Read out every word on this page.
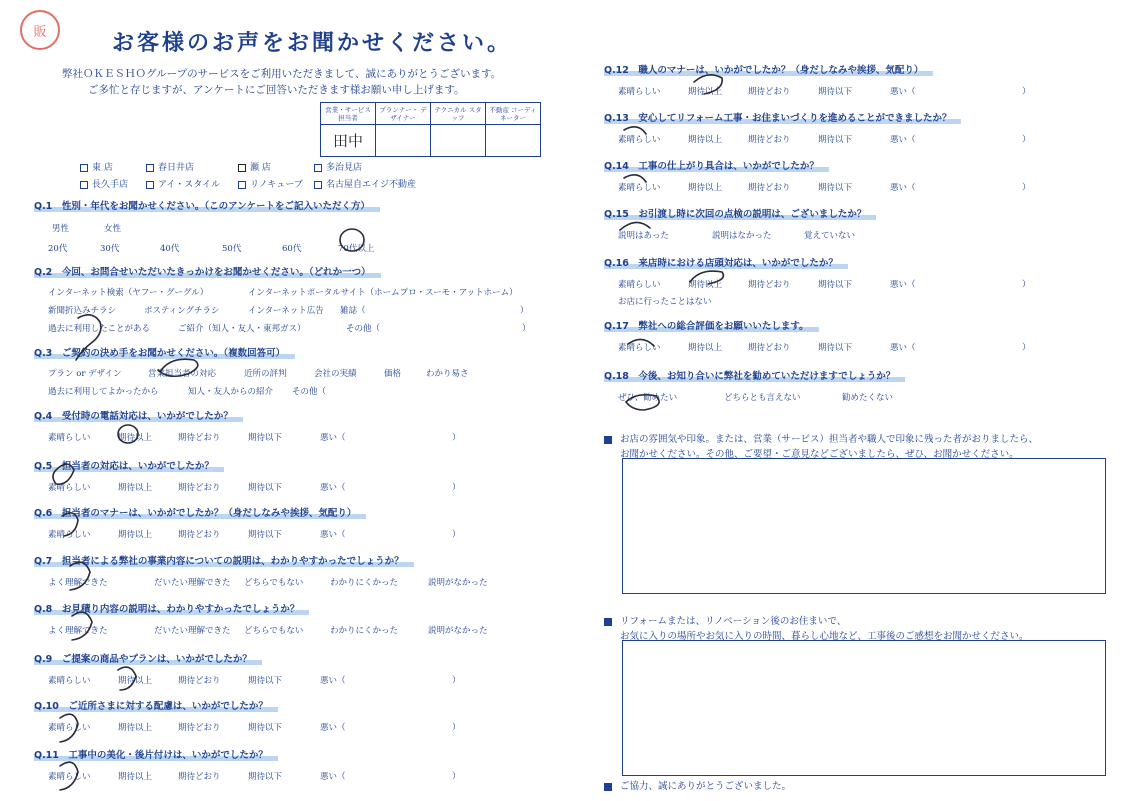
販	お客様のお声をお聞かせください。
弊社ＯＫＥＳＨＯグループのサービスをご利用いただきまして、誠にありがとうございます。
ご多忙と存じますが、アンケートにご回答いただきます様お願い申し上げます。
営業・サービス 担当者	プランナー・ デザイナー	テクニカル スタッフ	不動産 コーディネーター
田中			
東 店	春日井店	瀬 店	多治見店
長久手店	アイ・スタイル	リノキューブ	名古屋自エイジ不動産
Q.1　 性別・年代をお聞かせください。（このアンケートをご記入いただく方）
男性	女性
20代	30代	40代	50代	60代	70代以上
Q.2　 今回、お問合せいただいたきっかけをお聞かせください。（どれか一つ）
インターネット検索（ヤフー・グーグル）	インターネットポータルサイト（ホームプロ・スーモ・アットホーム）
新聞折込みチラシ	ポスティングチラシ	インターネット広告	雑誌（	）
過去に利用したことがある	ご紹介（知人・友人・東邦ガス）	その他（	）
Q.3　 ご契約の決め手をお聞かせください。（複数回答可）
プラン or デザイン	営業担当者の対応	近所の評判	会社の実績	価格	わかり易さ
過去に利用してよかったから	知人・友人からの紹介	その他（
Q.4　 受付時の電話対応は、いかがでしたか？
素晴らしい	期待以上	期待どおり	期待以下	悪い（	）
Q.5　 担当者の対応は、いかがでしたか？
素晴らしい	期待以上	期待どおり	期待以下	悪い（	）
Q.6　 担当者のマナーは、いかがでしたか？（身だしなみや挨拶、気配り）
素晴らしい	期待以上	期待どおり	期待以下	悪い（	）
Q.7　 担当者による弊社の事業内容についての説明は、わかりやすかったでしょうか？
よく理解できた	だいたい理解できた	どちらでもない	わかりにくかった	説明がなかった
Q.8　 お見積り内容の説明は、わかりやすかったでしょうか？
よく理解できた	だいたい理解できた	どちらでもない	わかりにくかった	説明がなかった
Q.9　 ご提案の商品やプランは、いかがでしたか？
素晴らしい	期待以上	期待どおり	期待以下	悪い（	）
Q.10　 ご近所さまに対する配慮は、いかがでしたか？
素晴らしい	期待以上	期待どおり	期待以下	悪い（	）
Q.11　 工事中の美化・後片付けは、いかがでしたか？
素晴らしい	期待以上	期待どおり	期待以下	悪い（	）
Q.12　 職人のマナーは、いかがでしたか？（身だしなみや挨拶、気配り）
素晴らしい	期待以上	期待どおり	期待以下	悪い（	）
Q.13　 安心してリフォーム工事・お住まいづくりを進めることができましたか？
素晴らしい	期待以上	期待どおり	期待以下	悪い（	）
Q.14　 工事の仕上がり具合は、いかがでしたか？
素晴らしい	期待以上	期待どおり	期待以下	悪い（	）
Q.15　 お引渡し時に次回の点検の説明は、ございましたか？
説明はあった	説明はなかった	覚えていない
Q.16　 来店時における店頭対応は、いかがでしたか？
素晴らしい	期待以上	期待どおり	期待以下	悪い（	）
お店に行ったことはない
Q.17　 弊社への総合評価をお願いいたします。
素晴らしい	期待以上	期待どおり	期待以下	悪い（	）
Q.18　 今後、お知り合いに弊社を勧めていただけますでしょうか？
ぜひ、勧めたい	どちらとも言えない	勧めたくない
お店の雰囲気や印象。または、営業（サービス）担当者や職人で印象に残った者がおりましたら、
お聞かせください。その他、ご要望・ご意見などございましたら、ぜひ、お聞かせください。
リフォームまたは、リノベーション後のお住まいで、
お気に入りの場所やお気に入りの時間、暮らし心地など、工事後のご感想をお聞かせください。
ご協力、誠にありがとうございました。
